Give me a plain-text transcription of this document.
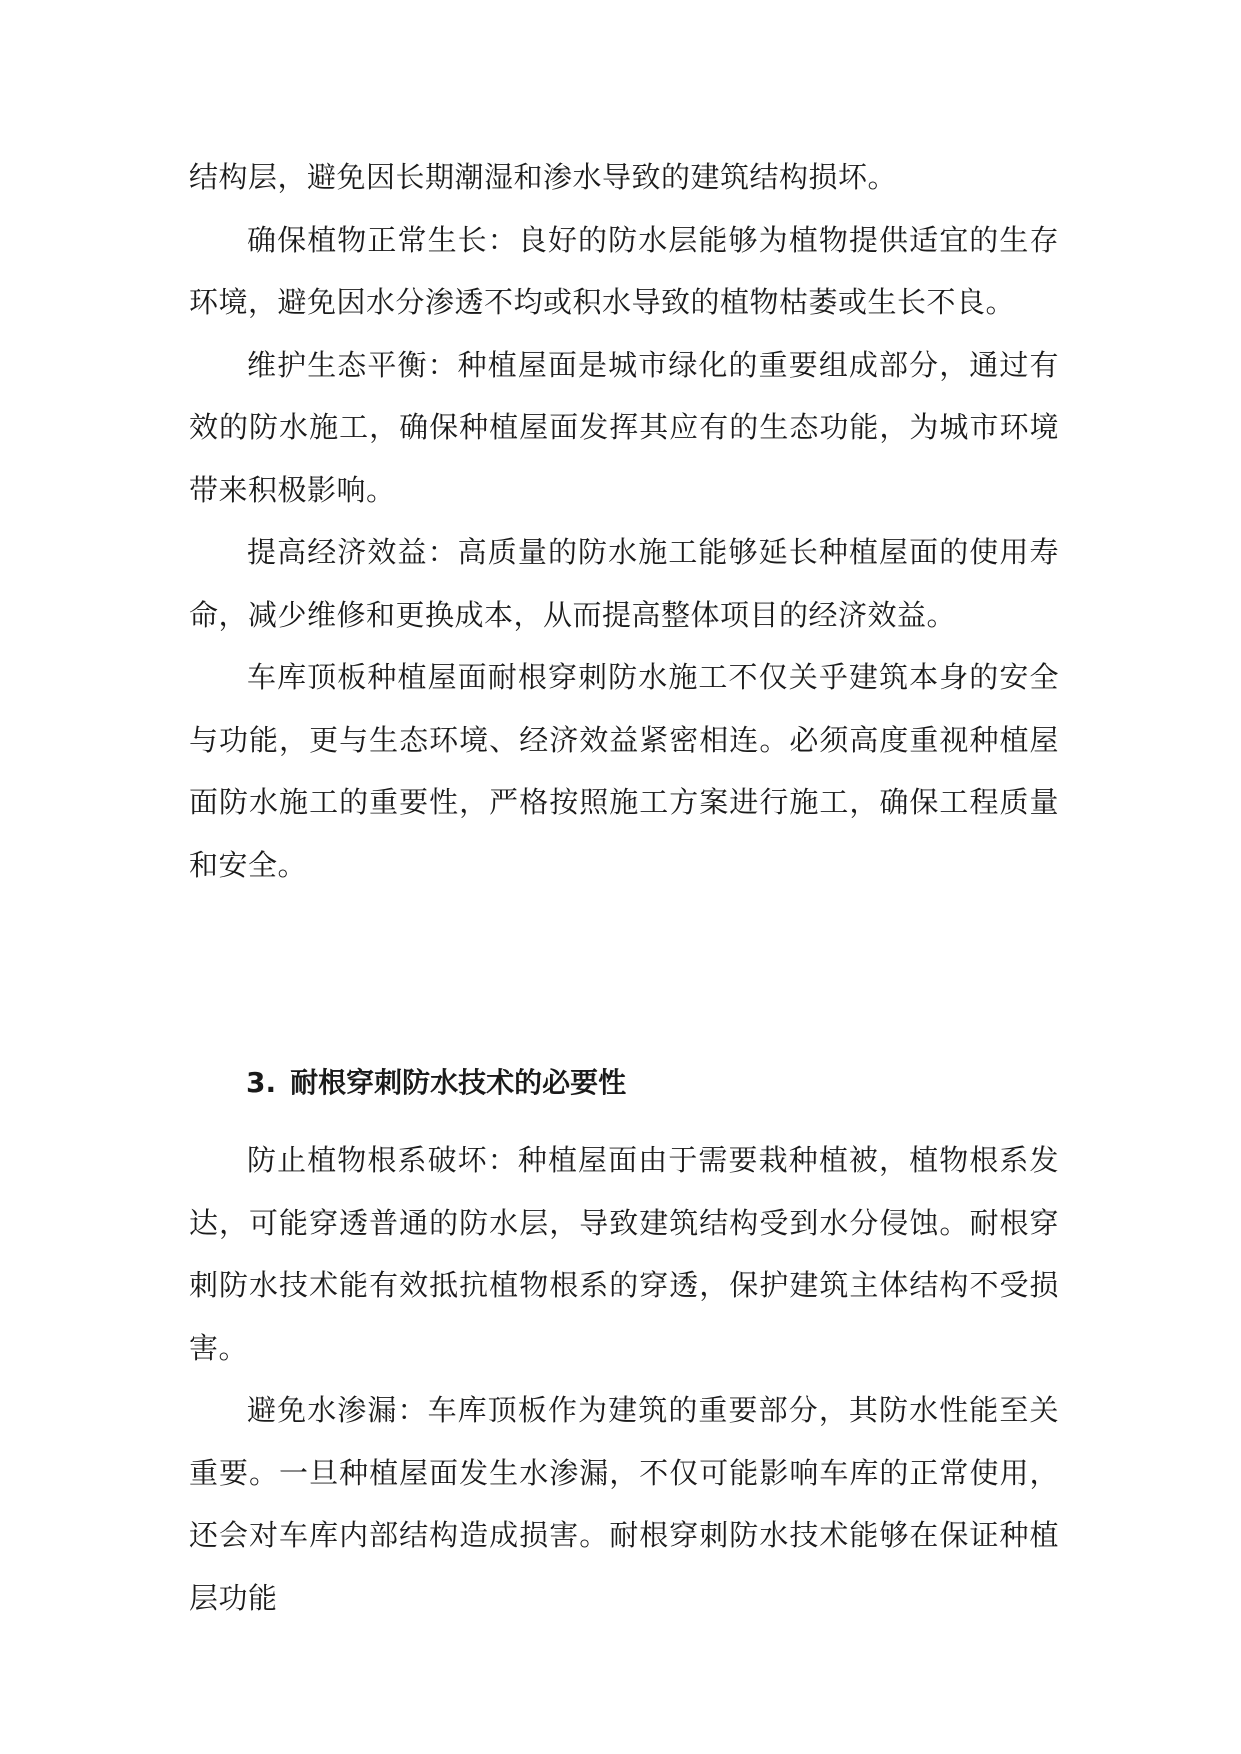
结构层，避免因长期潮湿和渗水导致的建筑结构损坏。

确保植物正常生长：良好的防水层能够为植物提供适宜的生存环境，避免因水分渗透不均或积水导致的植物枯萎或生长不良。

维护生态平衡：种植屋面是城市绿化的重要组成部分，通过有效的防水施工，确保种植屋面发挥其应有的生态功能，为城市环境带来积极影响。

提高经济效益：高质量的防水施工能够延长种植屋面的使用寿命，减少维修和更换成本，从而提高整体项目的经济效益。

车库顶板种植屋面耐根穿刺防水施工不仅关乎建筑本身的安全与功能，更与生态环境、经济效益紧密相连。必须高度重视种植屋面防水施工的重要性，严格按照施工方案进行施工，确保工程质量和安全。

3. 耐根穿刺防水技术的必要性

防止植物根系破坏：种植屋面由于需要栽种植被，植物根系发达，可能穿透普通的防水层，导致建筑结构受到水分侵蚀。耐根穿刺防水技术能有效抵抗植物根系的穿透，保护建筑主体结构不受损害。

避免水渗漏：车库顶板作为建筑的重要部分，其防水性能至关重要。一旦种植屋面发生水渗漏，不仅可能影响车库的正常使用，还会对车库内部结构造成损害。耐根穿刺防水技术能够在保证种植层功能
